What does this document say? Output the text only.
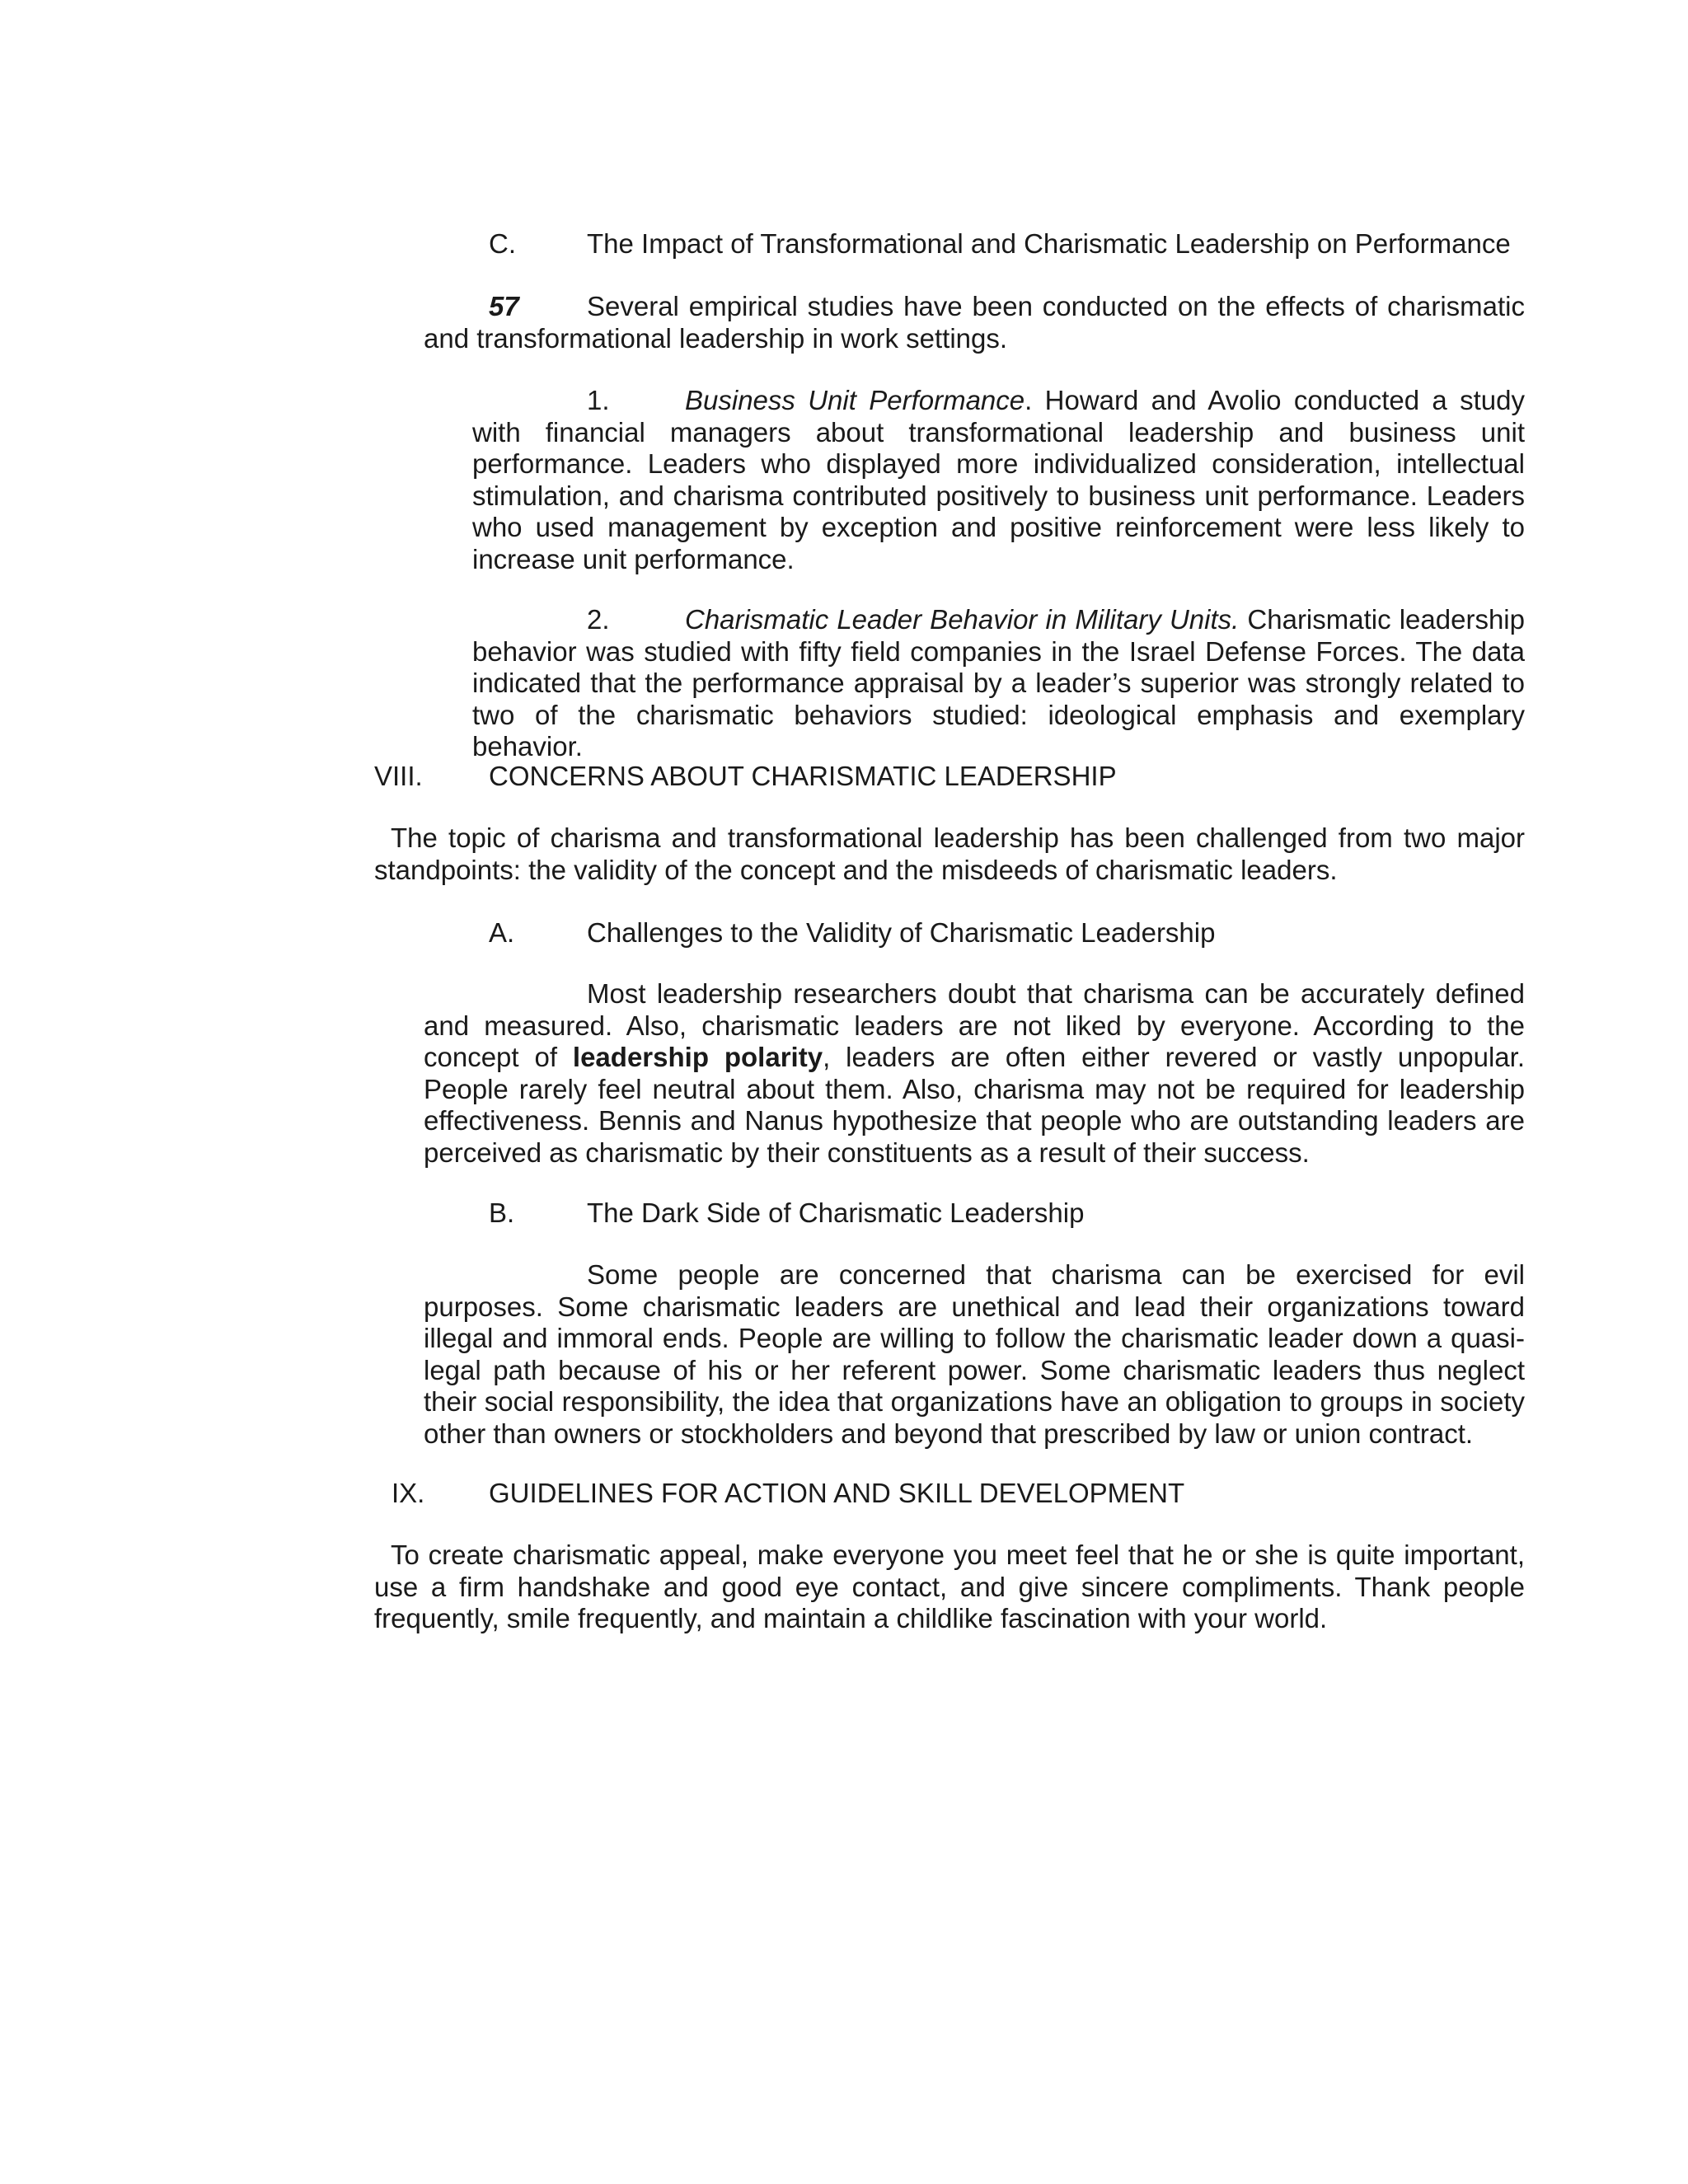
C.	The Impact of Transformational and Charismatic Leadership on Performance

57 Several empirical studies have been conducted on the effects of charismatic and transformational leadership in work settings.

1.	Business Unit Performance. Howard and Avolio conducted a study with financial managers about transformational leadership and business unit performance. Leaders who displayed more individualized consideration, intellectual stimulation, and charisma contributed positively to business unit performance. Leaders who used management by exception and positive reinforcement were less likely to increase unit performance.

2.	Charismatic Leader Behavior in Military Units. Charismatic leadership behavior was studied with fifty field companies in the Israel Defense Forces. The data indicated that the performance appraisal by a leader’s superior was strongly related to two of the charismatic behaviors studied: ideological emphasis and exemplary behavior.

VIII. CONCERNS ABOUT CHARISMATIC LEADERSHIP

The topic of charisma and transformational leadership has been challenged from two major standpoints: the validity of the concept and the misdeeds of charismatic leaders.

A.	Challenges to the Validity of Charismatic Leadership

Most leadership researchers doubt that charisma can be accurately defined and measured. Also, charismatic leaders are not liked by everyone. According to the concept of leadership polarity, leaders are often either revered or vastly unpopular. People rarely feel neutral about them. Also, charisma may not be required for leadership effectiveness. Bennis and Nanus hypothesize that people who are outstanding leaders are perceived as charismatic by their constituents as a result of their success.

B.	The Dark Side of Charismatic Leadership

Some people are concerned that charisma can be exercised for evil purposes. Some charismatic leaders are unethical and lead their organizations toward illegal and immoral ends. People are willing to follow the charismatic leader down a quasi-legal path because of his or her referent power. Some charismatic leaders thus neglect their social responsibility, the idea that organizations have an obligation to groups in society other than owners or stockholders and beyond that prescribed by law or union contract.

IX. GUIDELINES FOR ACTION AND SKILL DEVELOPMENT

To create charismatic appeal, make everyone you meet feel that he or she is quite important, use a firm handshake and good eye contact, and give sincere compliments. Thank people frequently, smile frequently, and maintain a childlike fascination with your world.
